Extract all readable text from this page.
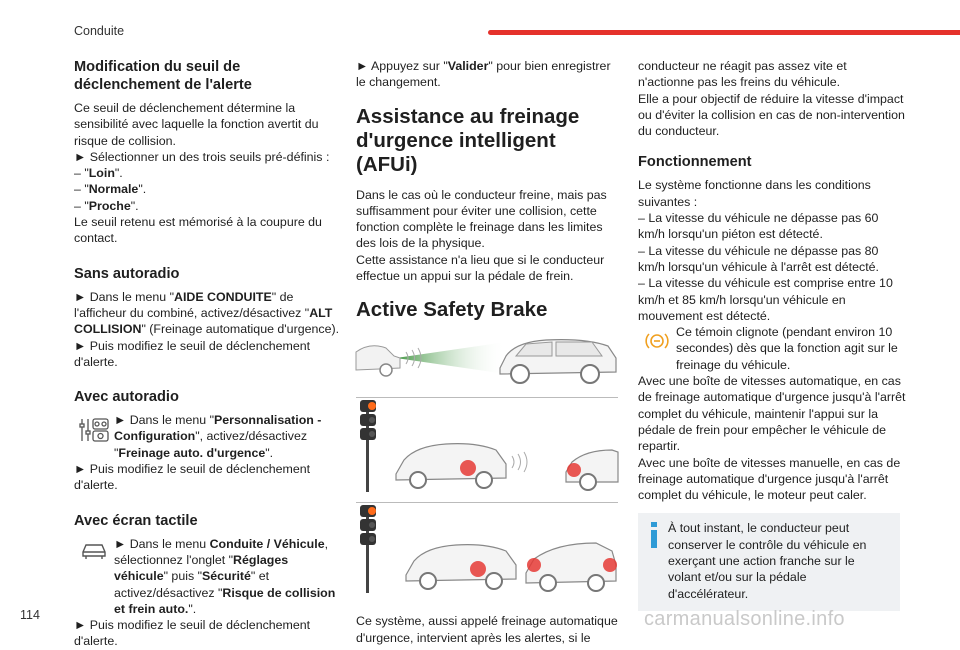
Conduite
Modification du seuil de déclenchement de l'alerte

Ce seuil de déclenchement détermine la sensibilité avec laquelle la fonction avertit du risque de collision.

► Sélectionner un des trois seuils pré-définis :

– "Loin".

– "Normale".

– "Proche".

Le seuil retenu est mémorisé à la coupure du contact.

Sans autoradio

► Dans le menu "AIDE CONDUITE" de l'afficheur du combiné, activez/désactivez "ALT COLLISION" (Freinage automatique d'urgence).

► Puis modifiez le seuil de déclenchement d'alerte.

Avec autoradio

► Dans le menu "Personnalisation - Configuration", activez/désactivez "Freinage auto. d'urgence".

► Puis modifiez le seuil de déclenchement d'alerte.

Avec écran tactile

► Dans le menu Conduite / Véhicule, sélectionnez l'onglet "Réglages véhicule" puis "Sécurité" et activez/désactivez "Risque de collision et frein auto.".

► Puis modifiez le seuil de déclenchement d'alerte.

► Appuyez sur "Valider" pour bien enregistrer le changement.

Assistance au freinage d'urgence intelligent (AFUi)

Dans le cas où le conducteur freine, mais pas suffisamment pour éviter une collision, cette fonction complète le freinage dans les limites des lois de la physique.

Cette assistance n'a lieu que si le conducteur effectue un appui sur la pédale de frein.

Active Safety Brake

Ce système, aussi appelé freinage automatique d'urgence, intervient après les alertes, si le

conducteur ne réagit pas assez vite et n'actionne pas les freins du véhicule.

Elle a pour objectif de réduire la vitesse d'impact ou d'éviter la collision en cas de non-intervention du conducteur.

Fonctionnement

Le système fonctionne dans les conditions suivantes :

– La vitesse du véhicule ne dépasse pas 60 km/h lorsqu'un piéton est détecté.

– La vitesse du véhicule ne dépasse pas 80 km/h lorsqu'un véhicule à l'arrêt est détecté.

– La vitesse du véhicule est comprise entre 10 km/h et 85 km/h lorsqu'un véhicule en mouvement est détecté.

Ce témoin clignote (pendant environ 10 secondes) dès que la fonction agit sur le freinage du véhicule.

Avec une boîte de vitesses automatique, en cas de freinage automatique d'urgence jusqu'à l'arrêt complet du véhicule, maintenir l'appui sur la pédale de frein pour empêcher le véhicule de repartir.

Avec une boîte de vitesses manuelle, en cas de freinage automatique d'urgence jusqu'à l'arrêt complet du véhicule, le moteur peut caler.

À tout instant, le conducteur peut conserver le contrôle du véhicule en exerçant une action franche sur le volant et/ou sur la pédale d'accélérateur.

114	carmanualsonline.info
